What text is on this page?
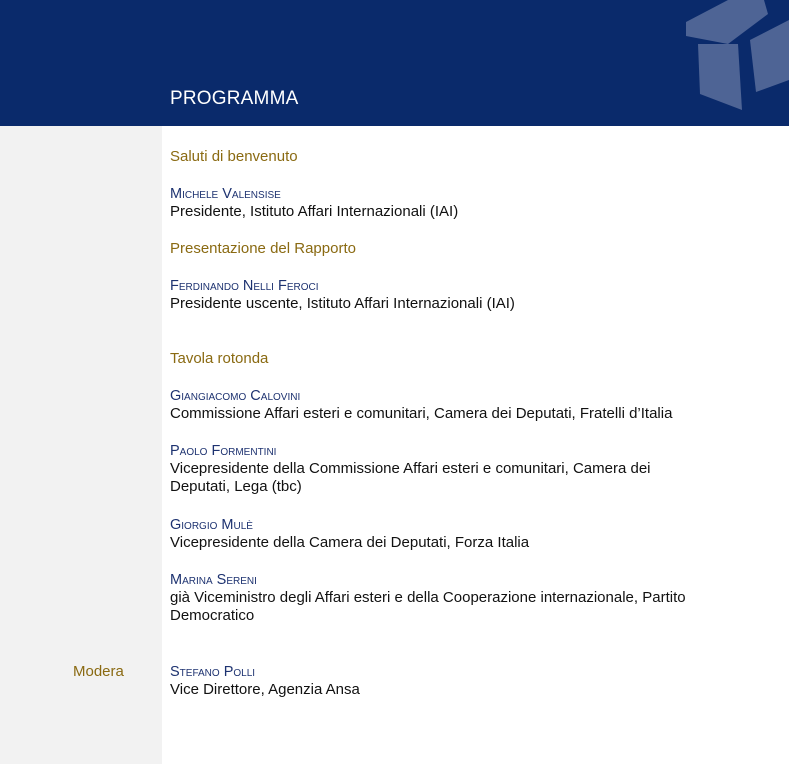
PROGRAMMA
Modera
Saluti di benvenuto
Michele Valensise
Presidente, Istituto Affari Internazionali (IAI)
Presentazione del Rapporto
Ferdinando Nelli Feroci
Presidente uscente, Istituto Affari Internazionali (IAI)
Tavola rotonda
Giangiacomo Calovini
Commissione Affari esteri e comunitari, Camera dei Deputati, Fratelli d’Italia
Paolo Formentini
Vicepresidente della Commissione Affari esteri e comunitari, Camera dei Deputati, Lega (tbc)
Giorgio Mulè
Vicepresidente della Camera dei Deputati, Forza Italia
Marina Sereni
già Viceministro degli Affari esteri e della Cooperazione internazionale, Partito Democratico
Stefano Polli
Vice Direttore, Agenzia Ansa
